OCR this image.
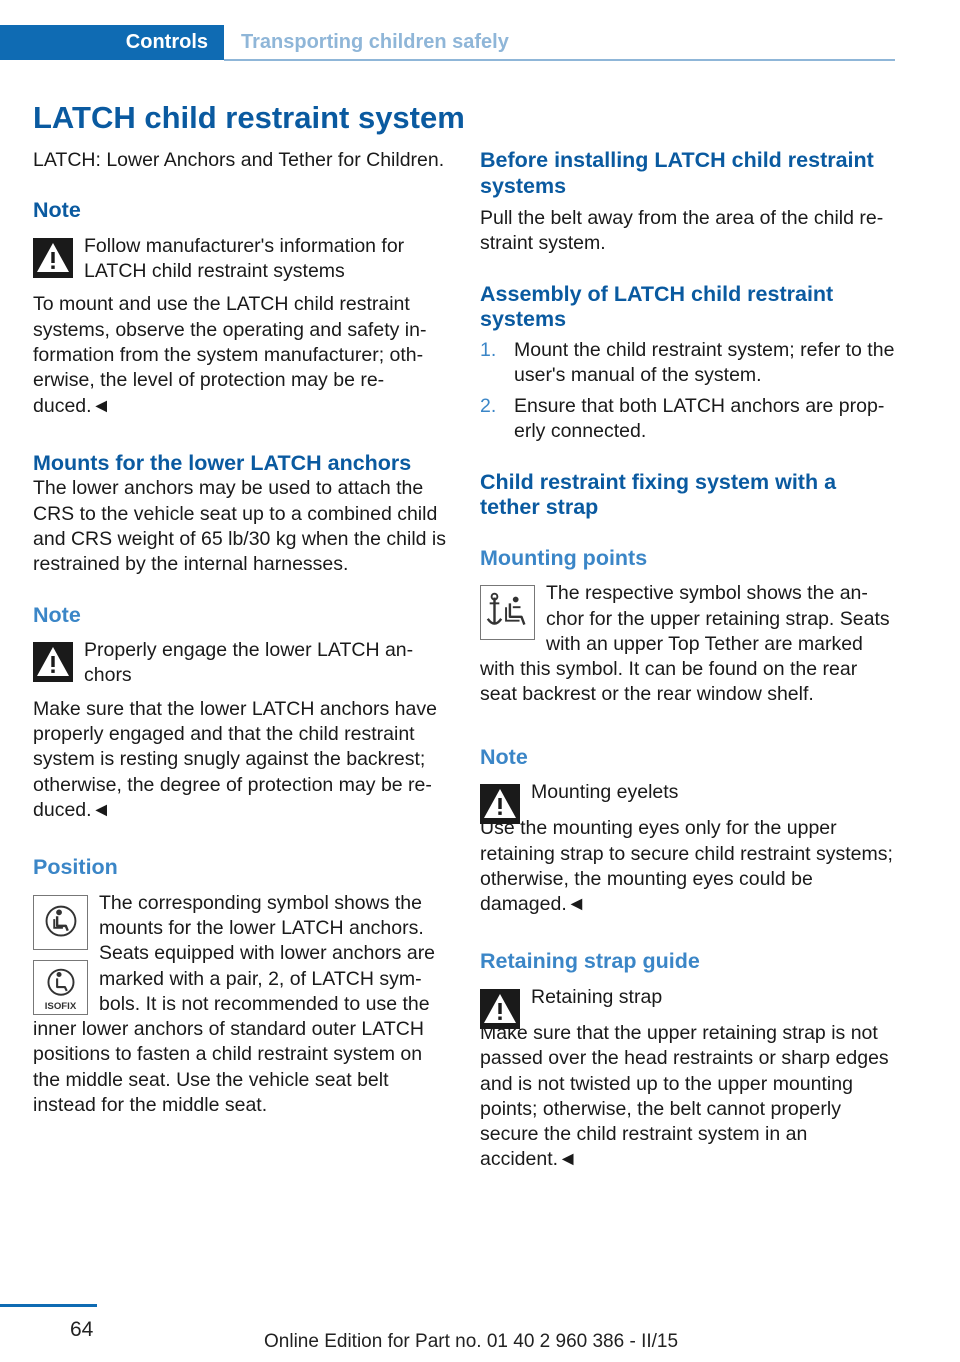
Controls	Transporting children safely
LATCH child restraint system

LATCH: Lower Anchors and Tether for Children.

Note
Follow manufacturer's information for LATCH child restraint systems

To mount and use the LATCH child restraint systems, observe the operating and safety information from the system manufacturer; otherwise, the level of protection may be reduced.◄

Mounts for the lower LATCH anchors

The lower anchors may be used to attach the CRS to the vehicle seat up to a combined child and CRS weight of 65 lb/30 kg when the child is restrained by the internal harnesses.

Note
Properly engage the lower LATCH anchors

Make sure that the lower LATCH anchors have properly engaged and that the child restraint system is resting snugly against the backrest; otherwise, the degree of protection may be reduced.◄

Position
ISOFIX

The corresponding symbol shows the mounts for the lower LATCH anchors. Seats equipped with lower anchors are marked with a pair, 2, of LATCH symbols. It is not recommended to use the inner lower anchors of standard outer LATCH positions to fasten a child restraint system on the middle seat. Use the vehicle seat belt instead for the middle seat.

Before installing LATCH child restraint systems

Pull the belt away from the area of the child restraint system.

Assembly of LATCH child restraint systems
1. Mount the child restraint system; refer to the user's manual of the system.
2. Ensure that both LATCH anchors are properly connected.
Child restraint fixing system with a tether strap
Mounting points

The respective symbol shows the anchor for the upper retaining strap. Seats with an upper Top Tether are marked with this symbol. It can be found on the rear seat backrest or the rear window shelf.

Note
Mounting eyelets

Use the mounting eyes only for the upper retaining strap to secure child restraint systems; otherwise, the mounting eyes could be damaged.◄

Retaining strap guide
Retaining strap

Make sure that the upper retaining strap is not passed over the head restraints or sharp edges and is not twisted up to the upper mounting points; otherwise, the belt cannot properly secure the child restraint system in an accident.◄

64
Online Edition for Part no. 01 40 2 960 386 - II/15
